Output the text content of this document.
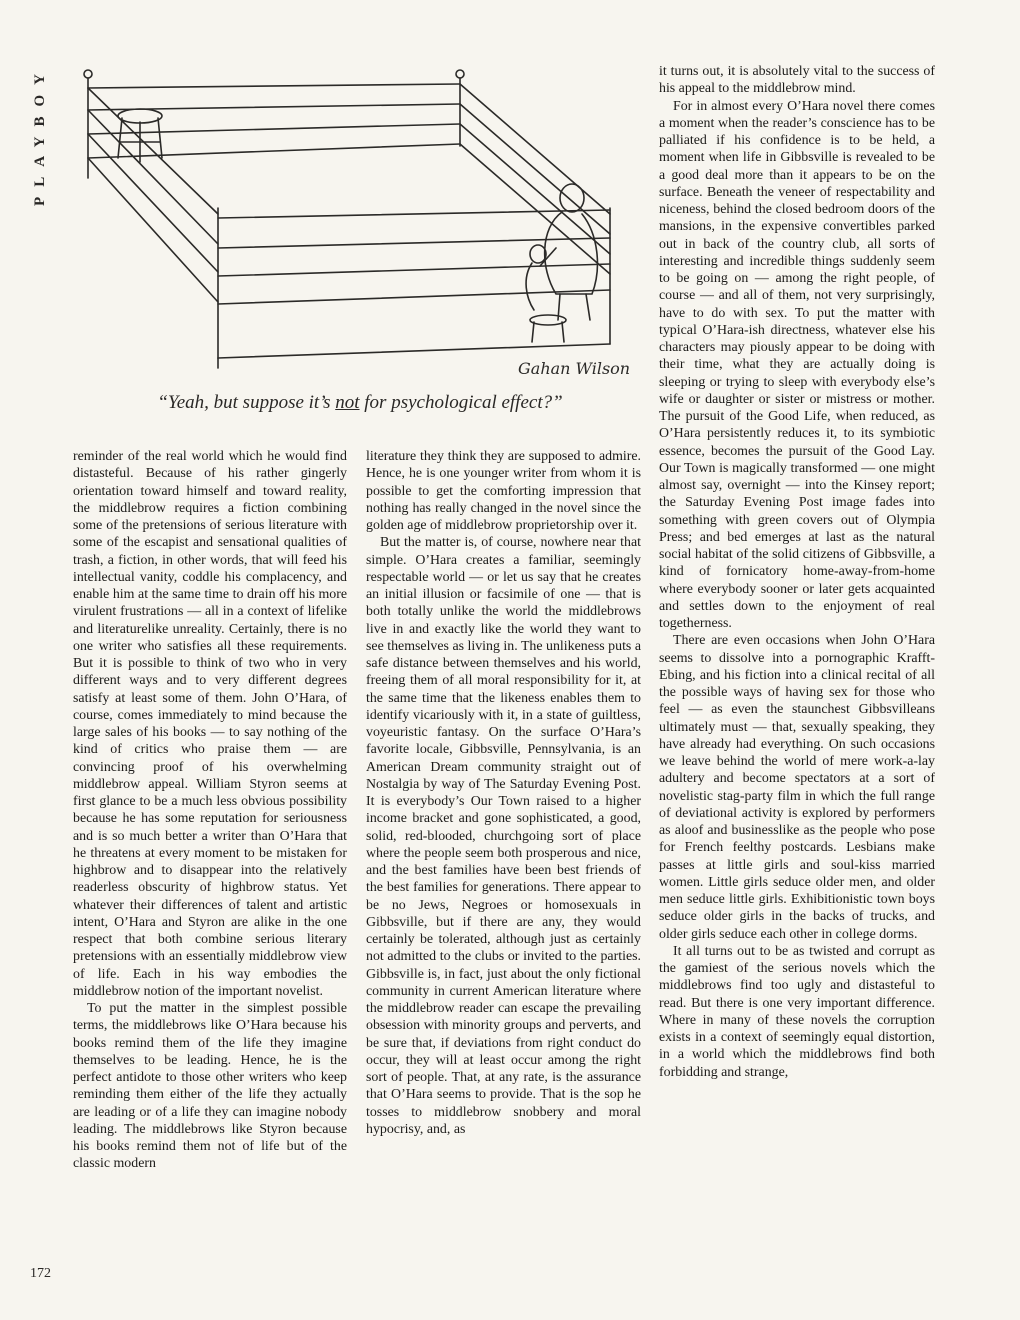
PLAYBOY
Gahan Wilson
“Yeah, but suppose it’s not for psychological effect?”

reminder of the real world which he would find distasteful. Because of his rather gingerly orientation toward himself and toward reality, the middlebrow requires a fiction combining some of the pretensions of serious literature with some of the escapist and sensational qualities of trash, a fiction, in other words, that will feed his intellectual vanity, coddle his complacency, and enable him at the same time to drain off his more virulent frustrations — all in a context of lifelike and literaturelike unreality. Certainly, there is no one writer who satisfies all these requirements. But it is possible to think of two who in very different ways and to very different degrees satisfy at least some of them. John O’Hara, of course, comes immediately to mind because the large sales of his books — to say nothing of the kind of critics who praise them — are convincing proof of his overwhelming middlebrow appeal. William Styron seems at first glance to be a much less obvious possibility because he has some reputation for seriousness and is so much better a writer than O’Hara that he threatens at every moment to be mistaken for highbrow and to disappear into the relatively readerless obscurity of highbrow status. Yet whatever their differences of talent and artistic intent, O’Hara and Styron are alike in the one respect that both combine serious literary pretensions with an essentially middlebrow view of life. Each in his way embodies the middlebrow notion of the important novelist.

To put the matter in the simplest possible terms, the middlebrows like O’Hara because his books remind them of the life they imagine themselves to be leading. Hence, he is the perfect antidote to those other writers who keep reminding them either of the life they actually are leading or of a life they can imagine nobody leading. The middlebrows like Styron because his books remind them not of life but of the classic modern

literature they think they are supposed to admire. Hence, he is one younger writer from whom it is possible to get the comforting impression that nothing has really changed in the novel since the golden age of middlebrow proprietorship over it.

But the matter is, of course, nowhere near that simple. O’Hara creates a familiar, seemingly respectable world — or let us say that he creates an initial illusion or facsimile of one — that is both totally unlike the world the middlebrows live in and exactly like the world they want to see themselves as living in. The unlikeness puts a safe distance between themselves and his world, freeing them of all moral responsibility for it, at the same time that the likeness enables them to identify vicariously with it, in a state of guiltless, voyeuristic fantasy. On the surface O’Hara’s favorite locale, Gibbsville, Pennsylvania, is an American Dream community straight out of Nostalgia by way of The Saturday Evening Post. It is everybody’s Our Town raised to a higher income bracket and gone sophisticated, a good, solid, red-blooded, churchgoing sort of place where the people seem both prosperous and nice, and the best families have been best friends of the best families for generations. There appear to be no Jews, Negroes or homosexuals in Gibbsville, but if there are any, they would certainly be tolerated, although just as certainly not admitted to the clubs or invited to the parties. Gibbsville is, in fact, just about the only fictional community in current American literature where the middlebrow reader can escape the prevailing obsession with minority groups and perverts, and be sure that, if deviations from right conduct do occur, they will at least occur among the right sort of people. That, at any rate, is the assurance that O’Hara seems to provide. That is the sop he tosses to middlebrow snobbery and moral hypocrisy, and, as

it turns out, it is absolutely vital to the success of his appeal to the middlebrow mind.

For in almost every O’Hara novel there comes a moment when the reader’s conscience has to be palliated if his confidence is to be held, a moment when life in Gibbsville is revealed to be a good deal more than it appears to be on the surface. Beneath the veneer of respectability and niceness, behind the closed bedroom doors of the mansions, in the expensive convertibles parked out in back of the country club, all sorts of interesting and incredible things suddenly seem to be going on — among the right people, of course — and all of them, not very surprisingly, have to do with sex. To put the matter with typical O’Hara-ish directness, whatever else his characters may piously appear to be doing with their time, what they are actually doing is sleeping or trying to sleep with everybody else’s wife or daughter or sister or mistress or mother. The pursuit of the Good Life, when reduced, as O’Hara persistently reduces it, to its symbiotic essence, becomes the pursuit of the Good Lay. Our Town is magically transformed — one might almost say, overnight — into the Kinsey report; the Saturday Evening Post image fades into something with green covers out of Olympia Press; and bed emerges at last as the natural social habitat of the solid citizens of Gibbsville, a kind of fornicatory home-away-from-home where everybody sooner or later gets acquainted and settles down to the enjoyment of real togetherness.

There are even occasions when John O’Hara seems to dissolve into a pornographic Krafft-Ebing, and his fiction into a clinical recital of all the possible ways of having sex for those who feel — as even the staunchest Gibbsvilleans ultimately must — that, sexually speaking, they have already had everything. On such occasions we leave behind the world of mere work-a-lay adultery and become spectators at a sort of novelistic stag-party film in which the full range of deviational activity is explored by performers as aloof and businesslike as the people who pose for French feelthy postcards. Lesbians make passes at little girls and soul-kiss married women. Little girls seduce older men, and older men seduce little girls. Exhibitionistic town boys seduce older girls in the backs of trucks, and older girls seduce each other in college dorms.

It all turns out to be as twisted and corrupt as the gamiest of the serious novels which the middlebrows find too ugly and distasteful to read. But there is one very important difference. Where in many of these novels the corruption exists in a context of seemingly equal distortion, in a world which the middlebrows find both forbidding and strange,

172
